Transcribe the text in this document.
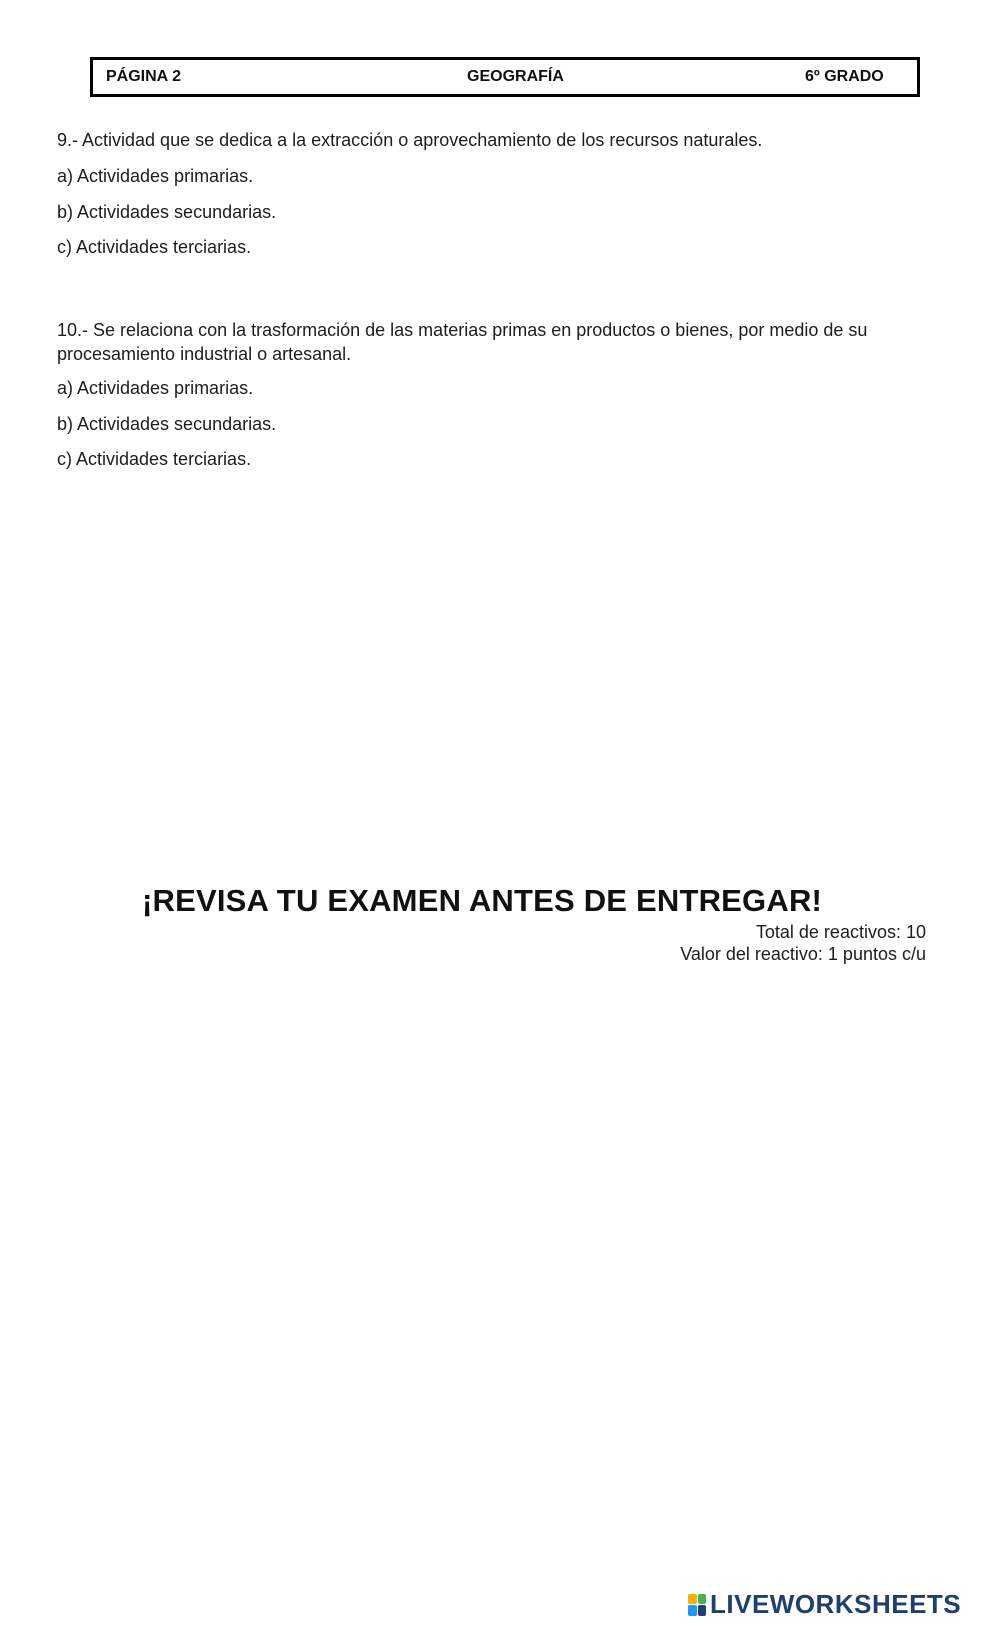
PÁGINA 2	GEOGRAFÍA	6º GRADO
9.- Actividad que se dedica a la extracción o aprovechamiento de los recursos naturales.
a) Actividades primarias.
b) Actividades secundarias.
c) Actividades terciarias.
10.- Se relaciona con la trasformación de las materias primas en productos o bienes, por medio de su procesamiento industrial o artesanal.
a) Actividades primarias.
b) Actividades secundarias.
c) Actividades terciarias.
¡REVISA TU EXAMEN ANTES DE ENTREGAR!
Total de reactivos: 10
Valor del reactivo: 1 puntos c/u
LIVEWORKSHEETS
